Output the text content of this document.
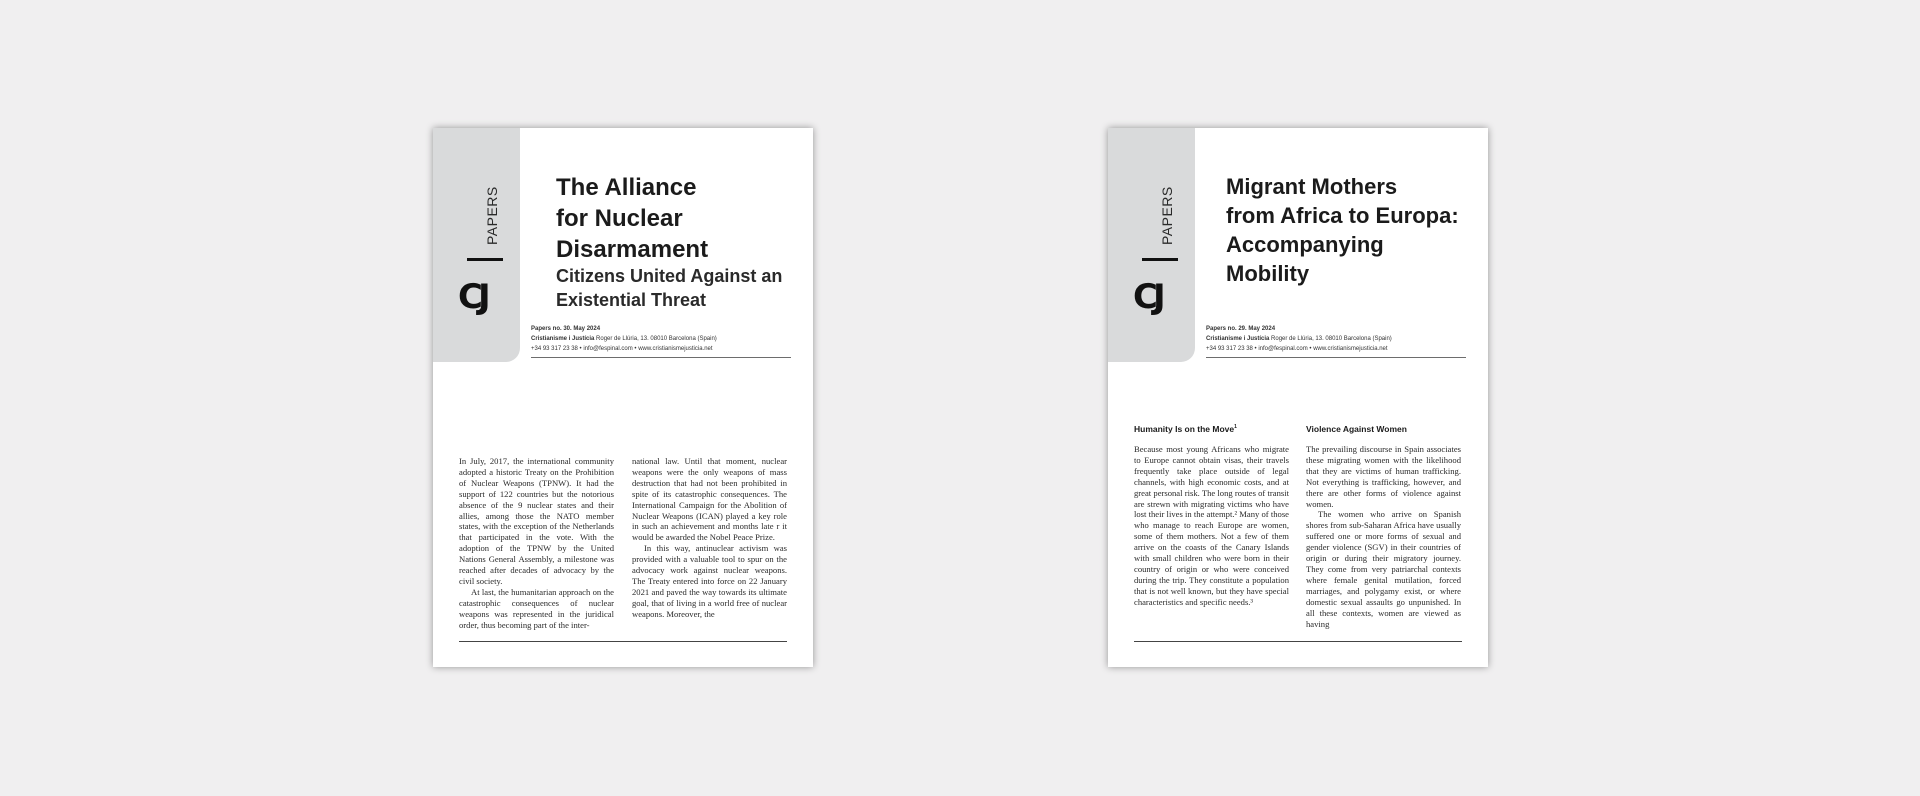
PAPERS
CJ
The Alliance
for Nuclear
Disarmament
Citizens United Against an
Existential Threat
Papers no. 30. May 2024
Cristianisme i Justícia Roger de Llúria, 13. 08010 Barcelona (Spain)
+34 93 317 23 38 • info@fespinal.com • www.cristianismejusticia.net

In July, 2017, the international community adopted a historic Treaty on the Prohibition of Nuclear Weapons (TPNW). It had the support of 122 countries but the notorious absence of the 9 nuclear states and their allies, among those the NATO member states, with the exception of the Netherlands that participated in the vote. With the adoption of the TPNW by the United Nations General Assembly, a milestone was reached after decades of advocacy by the civil society.

At last, the humanitarian approach on the catastrophic consequences of nuclear weapons was represented in the juridical order, thus becoming part of the inter-

national law. Until that moment, nuclear weapons were the only weapons of mass destruction that had not been prohibited in spite of its catastrophic consequences. The International Campaign for the Abolition of Nuclear Weapons (ICAN) played a key role in such an achievement and months late r it would be awarded the Nobel Peace Prize.

In this way, antinuclear activism was provided with a valuable tool to spur on the advocacy work against nuclear weapons. The Treaty entered into force on 22 January 2021 and paved the way towards its ultimate goal, that of living in a world free of nuclear weapons. Moreover, the

PAPERS
CJ
Migrant Mothers
from Africa to Europa:
Accompanying
Mobility
Papers no. 29. May 2024
Cristianisme i Justícia Roger de Llúria, 13. 08010 Barcelona (Spain)
+34 93 317 23 38 • info@fespinal.com • www.cristianismejusticia.net
Humanity Is on the Move$^1$	Violence Against Women

Because most young Africans who migrate to Europe cannot obtain visas, their travels frequently take place outside of legal channels, with high economic costs, and at great personal risk. The long routes of transit are strewn with migrating victims who have lost their lives in the attempt.² Many of those who manage to reach Europe are women, some of them mothers. Not a few of them arrive on the coasts of the Canary Islands with small children who were born in their country of origin or who were conceived during the trip. They constitute a population that is not well known, but they have special characteristics and specific needs.³

The prevailing discourse in Spain associates these migrating women with the likelihood that they are victims of human trafficking. Not everything is trafficking, however, and there are other forms of violence against women.

The women who arrive on Spanish shores from sub-Saharan Africa have usually suffered one or more forms of sexual and gender violence (SGV) in their countries of origin or during their migratory journey. They come from very patriarchal contexts where female genital mutilation, forced marriages, and polygamy exist, or where domestic sexual assaults go unpunished. In all these contexts, women are viewed as having
